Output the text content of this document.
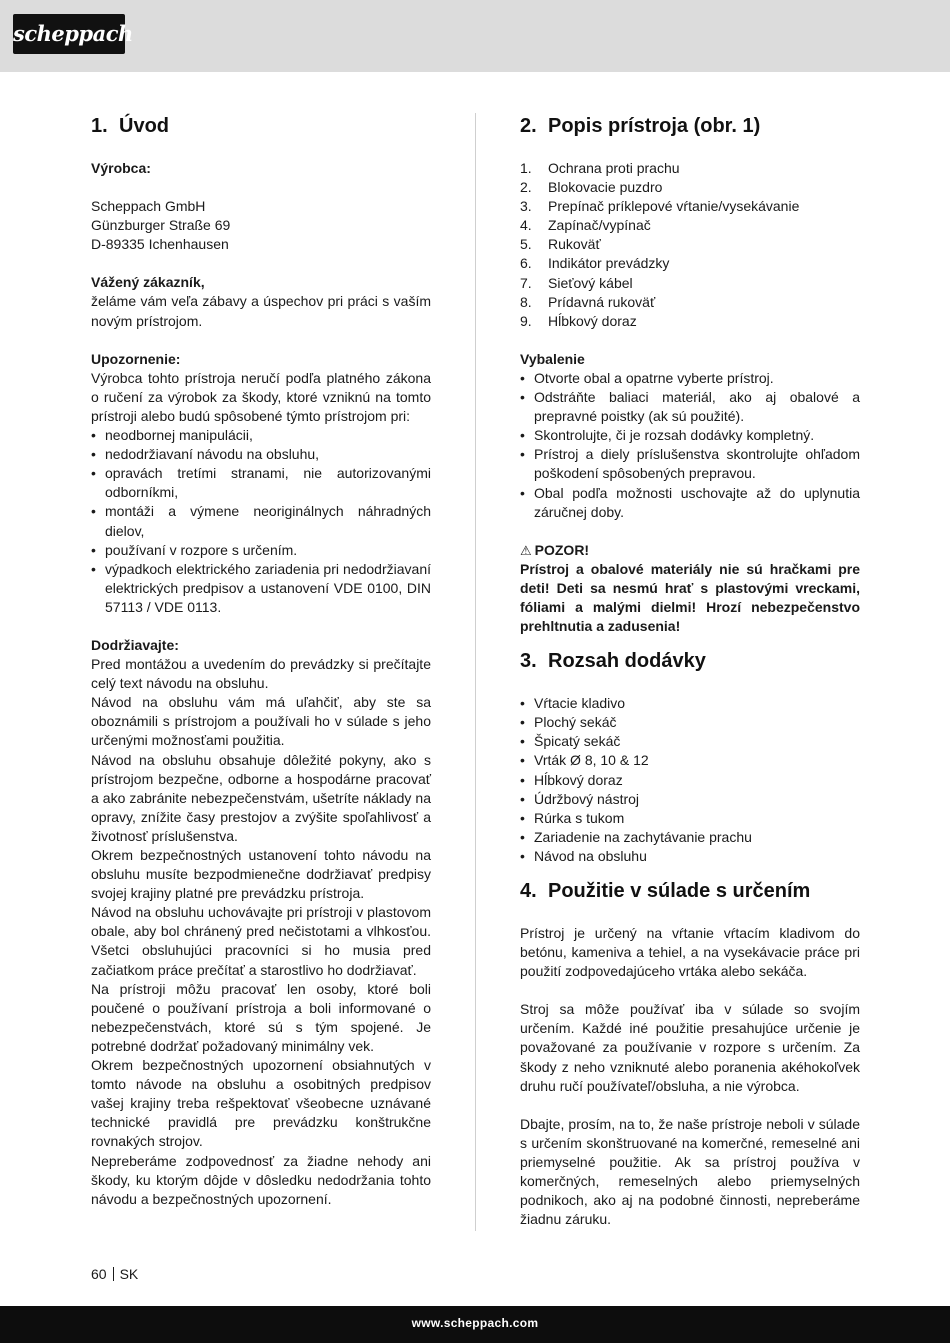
scheppach
1. Úvod

Výrobca:

Scheppach GmbH

Günzburger Straße 69

D-89335 Ichenhausen

Vážený zákazník,

želáme vám veľa zábavy a úspechov pri práci s vaším novým prístrojom.

Upozornenie:

Výrobca tohto prístroja neručí podľa platného zákona o ručení za výrobok za škody, ktoré vzniknú na tomto prístroji alebo budú spôsobené týmto prístrojom pri:

• neodbornej manipulácii,
• nedodržiavaní návodu na obsluhu,
• opravách tretími stranami, nie autorizovanými odborníkmi,
• montáži a výmene neoriginálnych náhradných dielov,
• používaní v rozpore s určením.
• výpadkoch elektrického zariadenia pri nedodržiavaní elektrických predpisov a ustanovení VDE 0100, DIN 57113 / VDE 0113.

Dodržiavajte:

Pred montážou a uvedením do prevádzky si prečítajte celý text návodu na obsluhu.

Návod na obsluhu vám má uľahčiť, aby ste sa oboznámili s prístrojom a používali ho v súlade s jeho určenými možnosťami použitia.

Návod na obsluhu obsahuje dôležité pokyny, ako s prístrojom bezpečne, odborne a hospodárne pracovať a ako zabránite nebezpečenstvám, ušetríte náklady na opravy, znížite časy prestojov a zvýšite spoľahlivosť a životnosť príslušenstva.

Okrem bezpečnostných ustanovení tohto návodu na obsluhu musíte bezpodmienečne dodržiavať predpisy svojej krajiny platné pre prevádzku prístroja.

Návod na obsluhu uchovávajte pri prístroji v plastovom obale, aby bol chránený pred nečistotami a vlhkosťou. Všetci obsluhujúci pracovníci si ho musia pred začiatkom práce prečítať a starostlivo ho dodržiavať.

Na prístroji môžu pracovať len osoby, ktoré boli poučené o používaní prístroja a boli informované o nebezpečenstvách, ktoré sú s tým spojené. Je potrebné dodržať požadovaný minimálny vek.

Okrem bezpečnostných upozornení obsiahnutých v tomto návode na obsluhu a osobitných predpisov vašej krajiny treba rešpektovať všeobecne uznávané technické pravidlá pre prevádzku konštrukčne rovnakých strojov.

Nepreberáme zodpovednosť za žiadne nehody ani škody, ku ktorým dôjde v dôsledku nedodržania tohto návodu a bezpečnostných upozornení.

2. Popis prístroja (obr. 1)
1. Ochrana proti prachu
2. Blokovacie puzdro
3. Prepínač príklepové vŕtanie/vysekávanie
4. Zapínač/vypínač
5. Rukoväť
6. Indikátor prevádzky
7. Sieťový kábel
8. Prídavná rukoväť
9. Hĺbkový doraz

Vybalenie

• Otvorte obal a opatrne vyberte prístroj.
• Odstráňte baliaci materiál, ako aj obalové a prepravné poistky (ak sú použité).
• Skontrolujte, či je rozsah dodávky kompletný.
• Prístroj a diely príslušenstva skontrolujte ohľadom poškodení spôsobených prepravou.
• Obal podľa možnosti uschovajte až do uplynutia záručnej doby.

⚠ POZOR!

Prístroj a obalové materiály nie sú hračkami pre deti! Deti sa nesmú hrať s plastovými vreckami, fóliami a malými dielmi! Hrozí nebezpečenstvo prehltnutia a zadusenia!

3. Rozsah dodávky
• Vŕtacie kladivo
• Plochý sekáč
• Špicatý sekáč
• Vrták Ø 8, 10 & 12
• Hĺbkový doraz
• Údržbový nástroj
• Rúrka s tukom
• Zariadenie na zachytávanie prachu
• Návod na obsluhu
4. Použitie v súlade s určením

Prístroj je určený na vŕtanie vŕtacím kladivom do betónu, kameniva a tehiel, a na vysekávacie práce pri použití zodpovedajúceho vrtáka alebo sekáča.

Stroj sa môže používať iba v súlade so svojím určením. Každé iné použitie presahujúce určenie je považované za používanie v rozpore s určením. Za škody z neho vzniknuté alebo poranenia akéhokoľvek druhu ručí používateľ/obsluha, a nie výrobca.

Dbajte, prosím, na to, že naše prístroje neboli v súlade s určením skonštruované na komerčné, remeselné ani priemyselné použitie. Ak sa prístroj používa v komerčných, remeselných alebo priemyselných podnikoch, ako aj na podobné činnosti, nepreberáme žiadnu záruku.

60 SK
www.scheppach.com
